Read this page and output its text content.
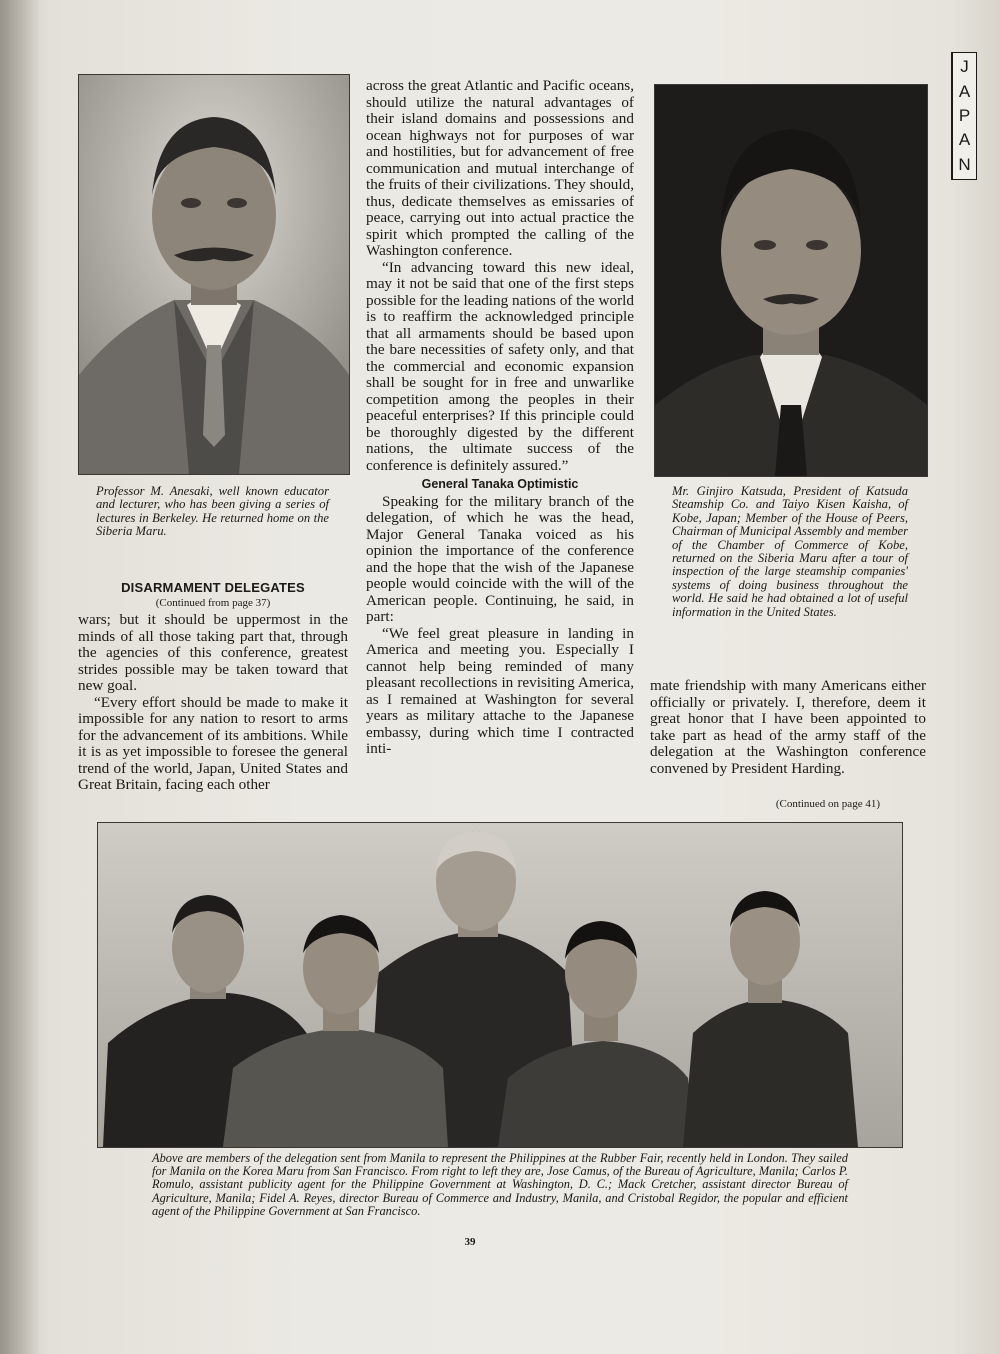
Professor M. Anesaki, well known educator and lecturer, who has been giving a series of lectures in Berkeley. He returned home on the Siberia Maru.
Mr. Ginjiro Katsuda, President of Katsuda Steamship Co. and Taiyo Kisen Kaisha, of Kobe, Japan; Member of the House of Peers, Chairman of Municipal Assembly and member of the Chamber of Commerce of Kobe, returned on the Siberia Maru after a tour of inspection of the large steamship companies' systems of doing business throughout the world. He said he had obtained a lot of useful information in the United States.
J
A
P
A
N
DISARMAMENT DELEGATES
(Continued from page 37)

wars; but it should be uppermost in the minds of all those taking part that, through the agencies of this conference, greatest strides possible may be taken toward that new goal.

“Every effort should be made to make it impossible for any nation to resort to arms for the advancement of its ambitions. While it is as yet impossible to foresee the general trend of the world, Japan, United States and Great Britain, facing each other

across the great Atlantic and Pacific oceans, should utilize the natural advantages of their island domains and possessions and ocean highways not for purposes of war and hostilities, but for advancement of free communication and mutual interchange of the fruits of their civilizations. They should, thus, dedicate themselves as emissaries of peace, carrying out into actual practice the spirit which prompted the calling of the Washington conference.

“In advancing toward this new ideal, may it not be said that one of the first steps possible for the leading nations of the world is to reaffirm the acknowledged principle that all armaments should be based upon the bare necessities of safety only, and that the commercial and economic expansion shall be sought for in free and unwarlike competition among the peoples in their peaceful enterprises? If this principle could be thoroughly digested by the different nations, the ultimate success of the conference is definitely assured.”

General Tanaka Optimistic

Speaking for the military branch of the delegation, of which he was the head, Major General Tanaka voiced as his opinion the importance of the conference and the hope that the wish of the Japanese people would coincide with the will of the American people. Continuing, he said, in part:

“We feel great pleasure in landing in America and meeting you. Especially I cannot help being reminded of many pleasant recollections in revisiting America, as I remained at Washington for several years as military attache to the Japanese embassy, during which time I contracted inti-

mate friendship with many Americans either officially or privately. I, therefore, deem it great honor that I have been appointed to take part as head of the army staff of the delegation at the Washington conference convened by President Harding.

(Continued on page 41)
Above are members of the delegation sent from Manila to represent the Philippines at the Rubber Fair, recently held in London. They sailed for Manila on the Korea Maru from San Francisco. From right to left they are, Jose Camus, of the Bureau of Agriculture, Manila; Carlos P. Romulo, assistant publicity agent for the Philippine Government at Washington, D. C.; Mack Cretcher, assistant director Bureau of Agriculture, Manila; Fidel A. Reyes, director Bureau of Commerce and Industry, Manila, and Cristobal Regidor, the popular and efficient agent of the Philippine Government at San Francisco.
39
